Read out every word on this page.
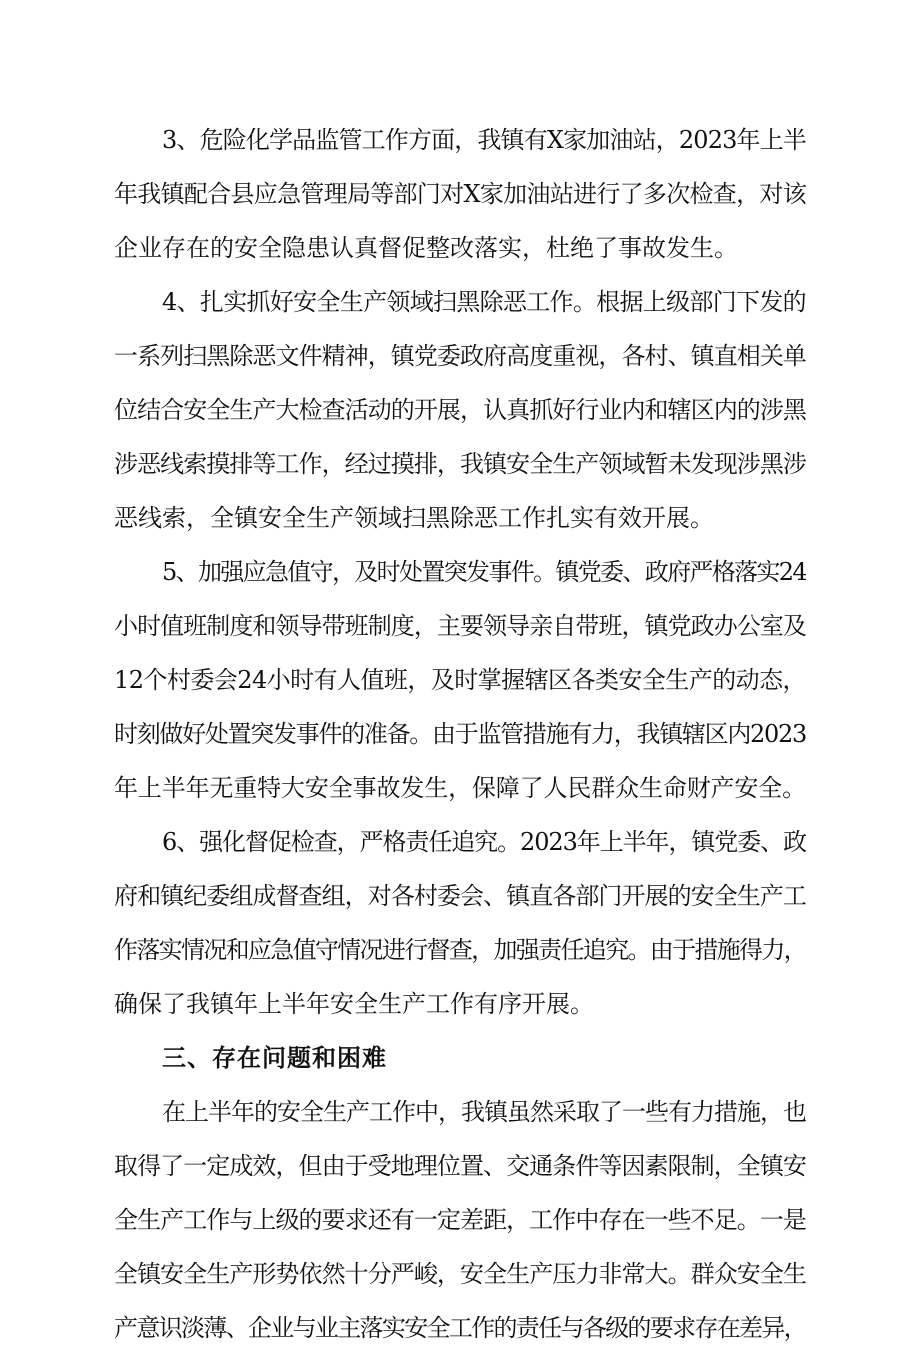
3、危险化学品监管工作方面，我镇有X家加油站，2023年上半
年我镇配合县应急管理局等部门对X家加油站进行了多次检查，对该
企业存在的安全隐患认真督促整改落实，杜绝了事故发生。
4、扎实抓好安全生产领域扫黑除恶工作。根据上级部门下发的
一系列扫黑除恶文件精神，镇党委政府高度重视，各村、镇直相关单
位结合安全生产大检查活动的开展，认真抓好行业内和辖区内的涉黑
涉恶线索摸排等工作，经过摸排，我镇安全生产领域暂未发现涉黑涉
恶线索，全镇安全生产领域扫黑除恶工作扎实有效开展。
5、加强应急值守，及时处置突发事件。镇党委、政府严格落实24
小时值班制度和领导带班制度，主要领导亲自带班，镇党政办公室及
12个村委会24小时有人值班，及时掌握辖区各类安全生产的动态，
时刻做好处置突发事件的准备。由于监管措施有力，我镇辖区内2023
年上半年无重特大安全事故发生，保障了人民群众生命财产安全。
6、强化督促检查，严格责任追究。2023年上半年，镇党委、政
府和镇纪委组成督查组，对各村委会、镇直各部门开展的安全生产工
作落实情况和应急值守情况进行督查，加强责任追究。由于措施得力，
确保了我镇年上半年安全生产工作有序开展。
三、存在问题和困难
在上半年的安全生产工作中，我镇虽然采取了一些有力措施，也
取得了一定成效，但由于受地理位置、交通条件等因素限制，全镇安
全生产工作与上级的要求还有一定差距，工作中存在一些不足。一是
全镇安全生产形势依然十分严峻，安全生产压力非常大。群众安全生
产意识淡薄、企业与业主落实安全工作的责任与各级的要求存在差异，
